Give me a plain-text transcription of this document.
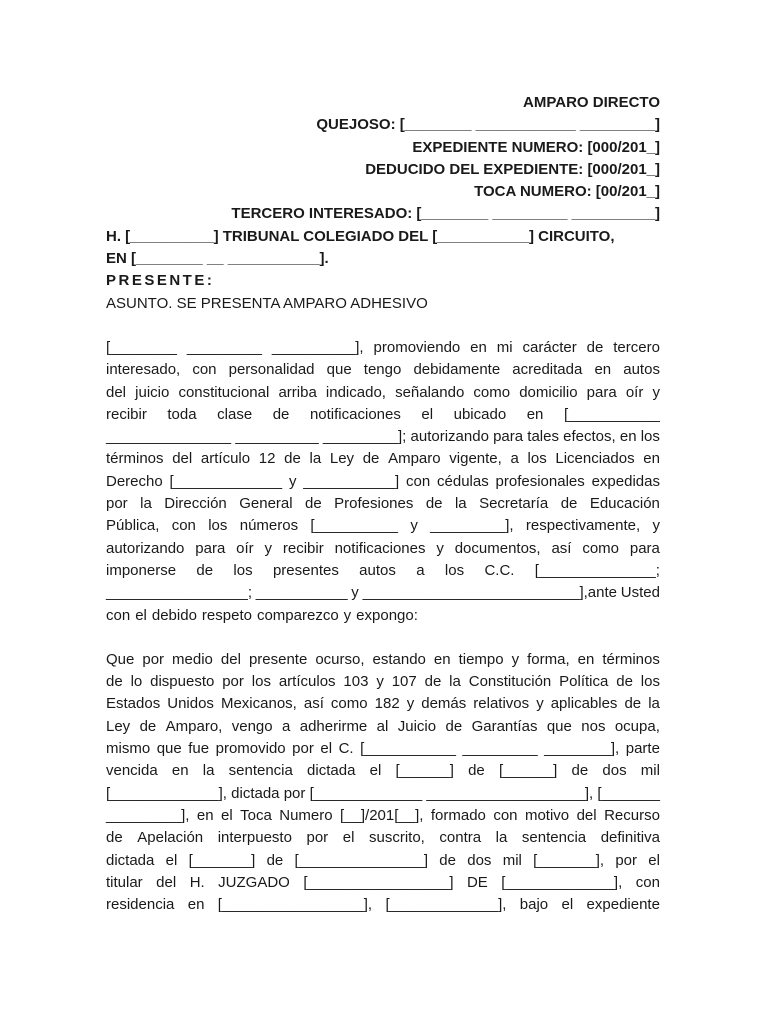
AMPARO DIRECTO
QUEJOSO: [________ ____________ _________]
EXPEDIENTE NUMERO: [000/201_]
DEDUCIDO DEL EXPEDIENTE: [000/201_]
TOCA NUMERO: [00/201_]
TERCERO INTERESADO: [________ _________ __________]
H. [__________] TRIBUNAL COLEGIADO DEL [___________] CIRCUITO,
EN [________ __ ___________].
PRESENTE:
ASUNTO. SE PRESENTA AMPARO ADHESIVO
[________ _________ __________], promoviendo en mi carácter de tercero
interesado, con personalidad que tengo debidamente acreditada en autos
del juicio constitucional arriba indicado, señalando como domicilio para oír y
recibir toda clase de notificaciones el ubicado en [___________
_______________ __________ _________]; autorizando para tales efectos, en los
términos del artículo 12 de la Ley de Amparo vigente, a los Licenciados en
Derecho [_____________ y ___________] con cédulas profesionales expedidas
por la Dirección General de Profesiones de la Secretaría de Educación
Pública, con los números [__________ y _________], respectivamente, y
autorizando para oír y recibir notificaciones y documentos, así como para
imponerse de los presentes autos a los C.C. [______________;
_________________; ___________ y __________________________],ante Usted
con el debido respeto comparezco y expongo:
Que por medio del presente ocurso, estando en tiempo y forma, en términos
de lo dispuesto por los artículos 103 y 107 de la Constitución Política de los
Estados Unidos Mexicanos, así como 182 y demás relativos y aplicables de la
Ley de Amparo, vengo a adherirme al Juicio de Garantías que nos ocupa,
mismo que fue promovido por el C. [___________ _________ ________], parte
vencida en la sentencia dictada el [______] de [______] de dos mil
[_____________], dictada por [_____________ ___________________], [_______
_________], en el Toca Numero [__]/201[__], formado con motivo del Recurso
de Apelación interpuesto por el suscrito, contra la sentencia definitiva
dictada el [_______] de [_______________] de dos mil [_______], por el
titular del H. JUZGADO [_________________] DE [_____________], con
residencia en [_________________], [_____________], bajo el expediente
